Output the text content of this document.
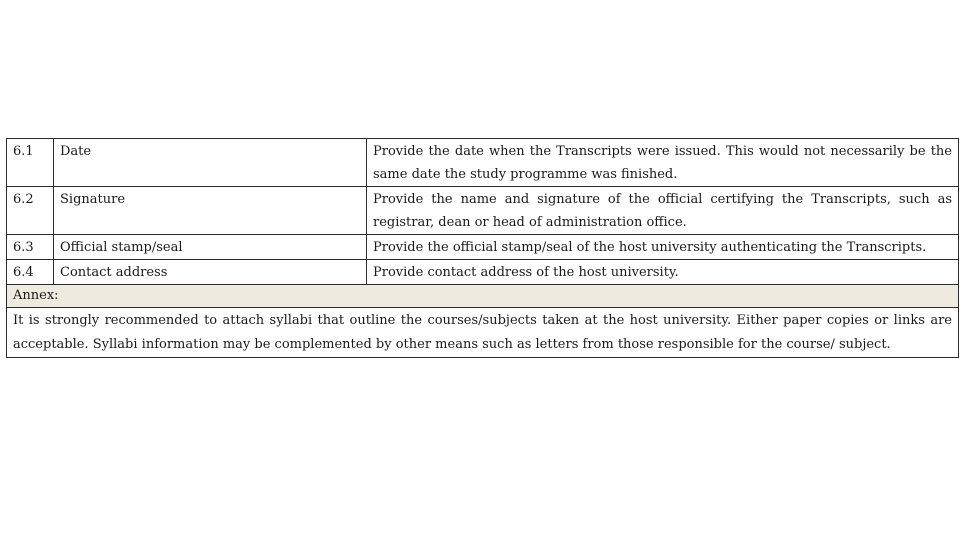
6.1	Date	Provide the date when the Transcripts were issued. This would not necessarily be the same date the study programme was finished.
6.2	Signature	Provide the name and signature of the official certifying the Transcripts, such as registrar, dean or head of administration office.
6.3	Official stamp/seal	Provide the official stamp/seal of the host university authenticating the Transcripts.
6.4	Contact address	Provide contact address of the host university.
Annex:		
It is strongly recommended to attach syllabi that outline the courses/subjects taken at the host university. Either paper copies or links are acceptable. Syllabi information may be complemented by other means such as letters from those responsible for the course/ subject.		
